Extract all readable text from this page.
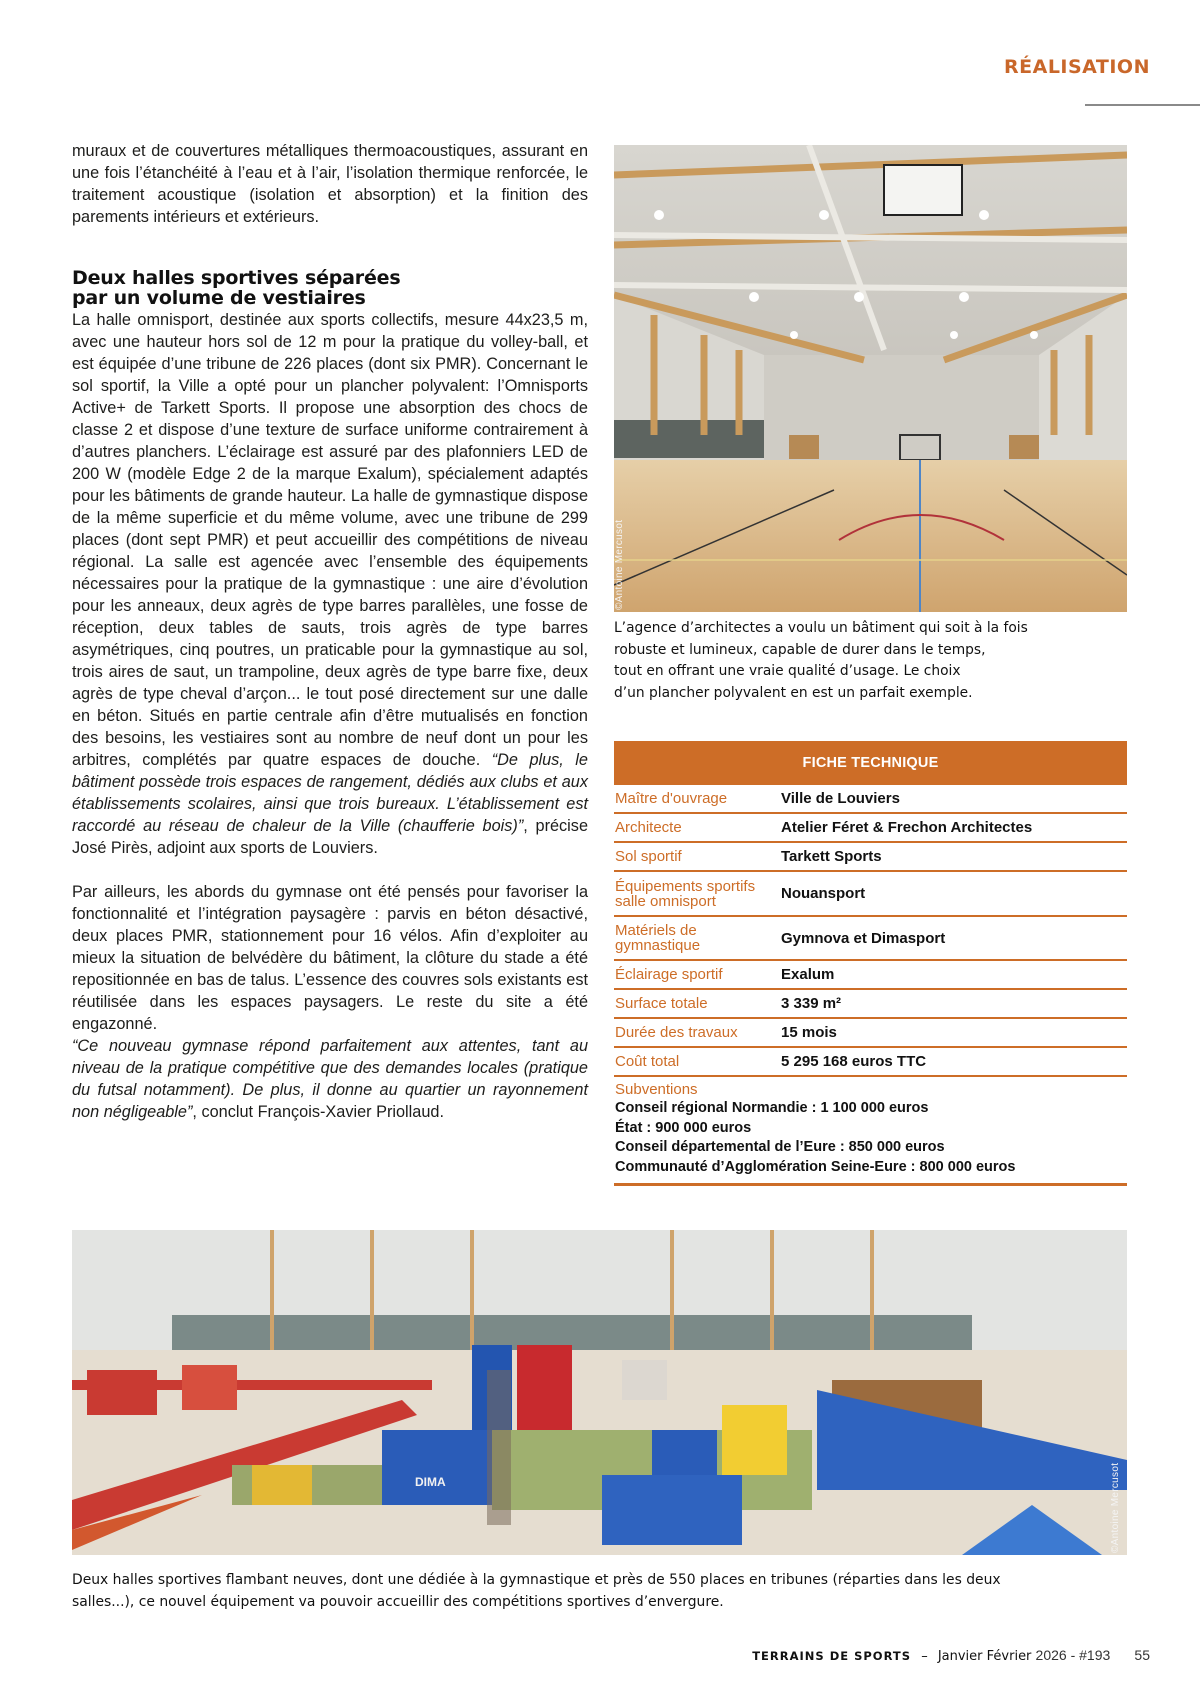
RÉALISATION

muraux et de couvertures métalliques thermoacoustiques, assurant en une fois l’étanchéité à l’eau et à l’air, l’isolation thermique renforcée, le traitement acoustique (isolation et absorption) et la finition des parements intérieurs et extérieurs.

Deux halles sportives séparées
par un volume de vestiaires

La halle omnisport, destinée aux sports collectifs, mesure 44x23,5 m, avec une hauteur hors sol de 12 m pour la pratique du volley-ball, et est équipée d’une tribune de 226 places (dont six PMR). Concernant le sol sportif, la Ville a opté pour un plancher polyvalent: l’Omnisports Active+ de Tarkett Sports. Il propose une absorption des chocs de classe 2 et dispose d’une texture de surface uniforme contrairement à d’autres planchers. L’éclairage est assuré par des plafonniers LED de 200 W (modèle Edge 2 de la marque Exalum), spécialement adaptés pour les bâtiments de grande hauteur. La halle de gymnastique dispose de la même superficie et du même volume, avec une tribune de 299 places (dont sept PMR) et peut accueillir des compétitions de niveau régional. La salle est agencée avec l’ensemble des équipements nécessaires pour la pratique de la gymnastique : une aire d’évolution pour les anneaux, deux agrès de type barres parallèles, une fosse de réception, deux tables de sauts, trois agrès de type barres asymétriques, cinq poutres, un praticable pour la gymnastique au sol, trois aires de saut, un trampoline, deux agrès de type barre fixe, deux agrès de type cheval d’arçon... le tout posé directement sur une dalle en béton. Situés en partie centrale afin d’être mutualisés en fonction des besoins, les vestiaires sont au nombre de neuf dont un pour les arbitres, complétés par quatre espaces de douche. “De plus, le bâtiment possède trois espaces de rangement, dédiés aux clubs et aux établissements scolaires, ainsi que trois bureaux. L’établissement est raccordé au réseau de chaleur de la Ville (chaufferie bois)”, précise José Pirès, adjoint aux sports de Louviers.

Par ailleurs, les abords du gymnase ont été pensés pour favoriser la fonctionnalité et l’intégration paysagère : parvis en béton désactivé, deux places PMR, stationnement pour 16 vélos. Afin d’exploiter au mieux la situation de belvédère du bâtiment, la clôture du stade a été repositionnée en bas de talus. L’essence des couvres sols existants est réutilisée dans les espaces paysagers. Le reste du site a été engazonné.

“Ce nouveau gymnase répond parfaitement aux attentes, tant au niveau de la pratique compétitive que des demandes locales (pratique du futsal notamment). De plus, il donne au quartier un rayonnement non négligeable”, conclut François-Xavier Priollaud.

©Antoine Mercusot
L’agence d’architectes a voulu un bâtiment qui soit à la fois
robuste et lumineux, capable de durer dans le temps,
tout en offrant une vraie qualité d’usage. Le choix
d’un plancher polyvalent en est un parfait exemple.
FICHE TECHNIQUE
Maître d'ouvrage	Ville de Louviers
Architecte	Atelier Féret & Frechon Architectes
Sol sportif	Tarkett Sports
Équipements sportifs salle omnisport	Nouansport
Matériels de gymnastique	Gymnova et Dimasport
Éclairage sportif	Exalum
Surface totale	3 339 m²
Durée des travaux	15 mois
Coût total	5 295 168 euros TTC
Subventions
Conseil régional Normandie : 1 100 000 euros
État : 900 000 euros
Conseil départemental de l’Eure : 850 000 euros
Communauté d’Agglomération Seine-Eure : 800 000 euros
DIMA	©Antoine Mercusot
Deux halles sportives flambant neuves, dont une dédiée à la gymnastique et près de 550 places en tribunes (réparties dans les deux
salles...), ce nouvel équipement va pouvoir accueillir des compétitions sportives d’envergure.
TERRAINS DE SPORTS – Janvier Février 2026 - #193 55
